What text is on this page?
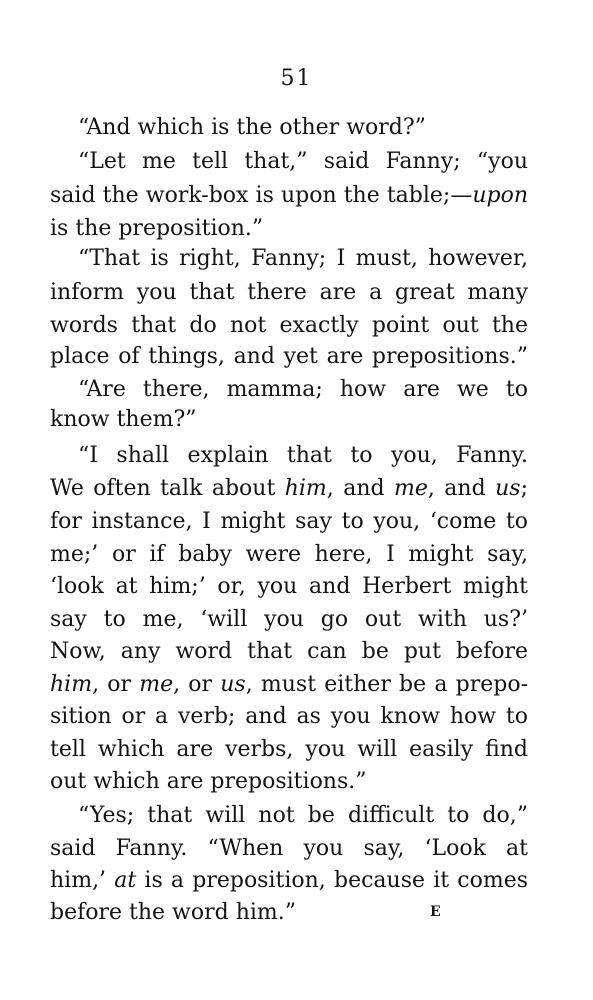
51
“And which is the other word?”
“Let me tell that,” said Fanny; “you
said the work-box is upon the table;—upon
is the preposition.”
“That is right, Fanny; I must, however,
inform you that there are a great many
words that do not exactly point out the
place of things, and yet are prepositions.”
“Are there, mamma; how are we to
know them?”
“I shall explain that to you, Fanny.
We often talk about him, and me, and us;
for instance, I might say to you, ‘come to
me;’ or if baby were here, I might say,
‘look at him;’ or, you and Herbert might
say to me, ‘will you go out with us?’
Now, any word that can be put before
him, or me, or us, must either be a prepo-
sition or a verb; and as you know how to
tell which are verbs, you will easily find
out which are prepositions.”
“Yes; that will not be difficult to do,”
said Fanny. “When you say, ‘Look at
him,’ at is a preposition, because it comes
before the word him.”	E
